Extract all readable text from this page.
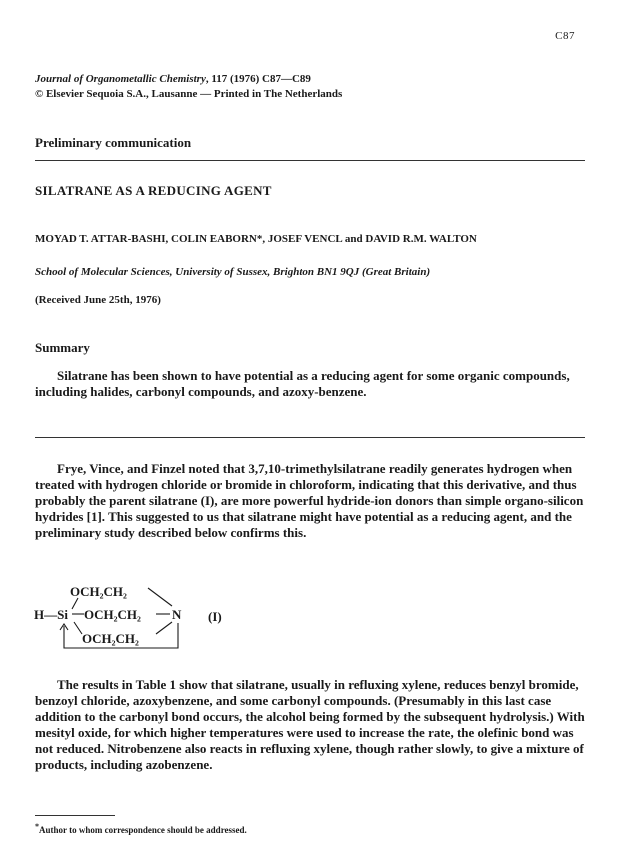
C87
Journal of Organometallic Chemistry, 117 (1976) C87—C89
© Elsevier Sequoia S.A., Lausanne — Printed in The Netherlands
Preliminary communication
SILATRANE AS A REDUCING AGENT
MOYAD T. ATTAR-BASHI, COLIN EABORN*, JOSEF VENCL and DAVID R.M. WALTON
School of Molecular Sciences, University of Sussex, Brighton BN1 9QJ (Great Britain)
(Received June 25th, 1976)
Summary
Silatrane has been shown to have potential as a reducing agent for some organic compounds, including halides, carbonyl compounds, and azoxy-benzene.
Frye, Vince, and Finzel noted that 3,7,10-trimethylsilatrane readily generates hydrogen when treated with hydrogen chloride or bromide in chloroform, indicating that this derivative, and thus probably the parent silatrane (I), are more powerful hydride-ion donors than simple organo-silicon hydrides [1]. This suggested to us that silatrane might have potential as a reducing agent, and the preliminary study described below confirms this.
OCH₂CH₂
H—Si OCH₂CH₂ N
OCH₂CH₂
(I)
The results in Table 1 show that silatrane, usually in refluxing xylene, reduces benzyl bromide, benzoyl chloride, azoxybenzene, and some carbonyl compounds. (Presumably in this last case addition to the carbonyl bond occurs, the alcohol being formed by the subsequent hydrolysis.) With mesityl oxide, for which higher temperatures were used to increase the rate, the olefinic bond was not reduced. Nitrobenzene also reacts in refluxing xylene, though rather slowly, to give a mixture of products, including azobenzene.
*Author to whom correspondence should be addressed.
